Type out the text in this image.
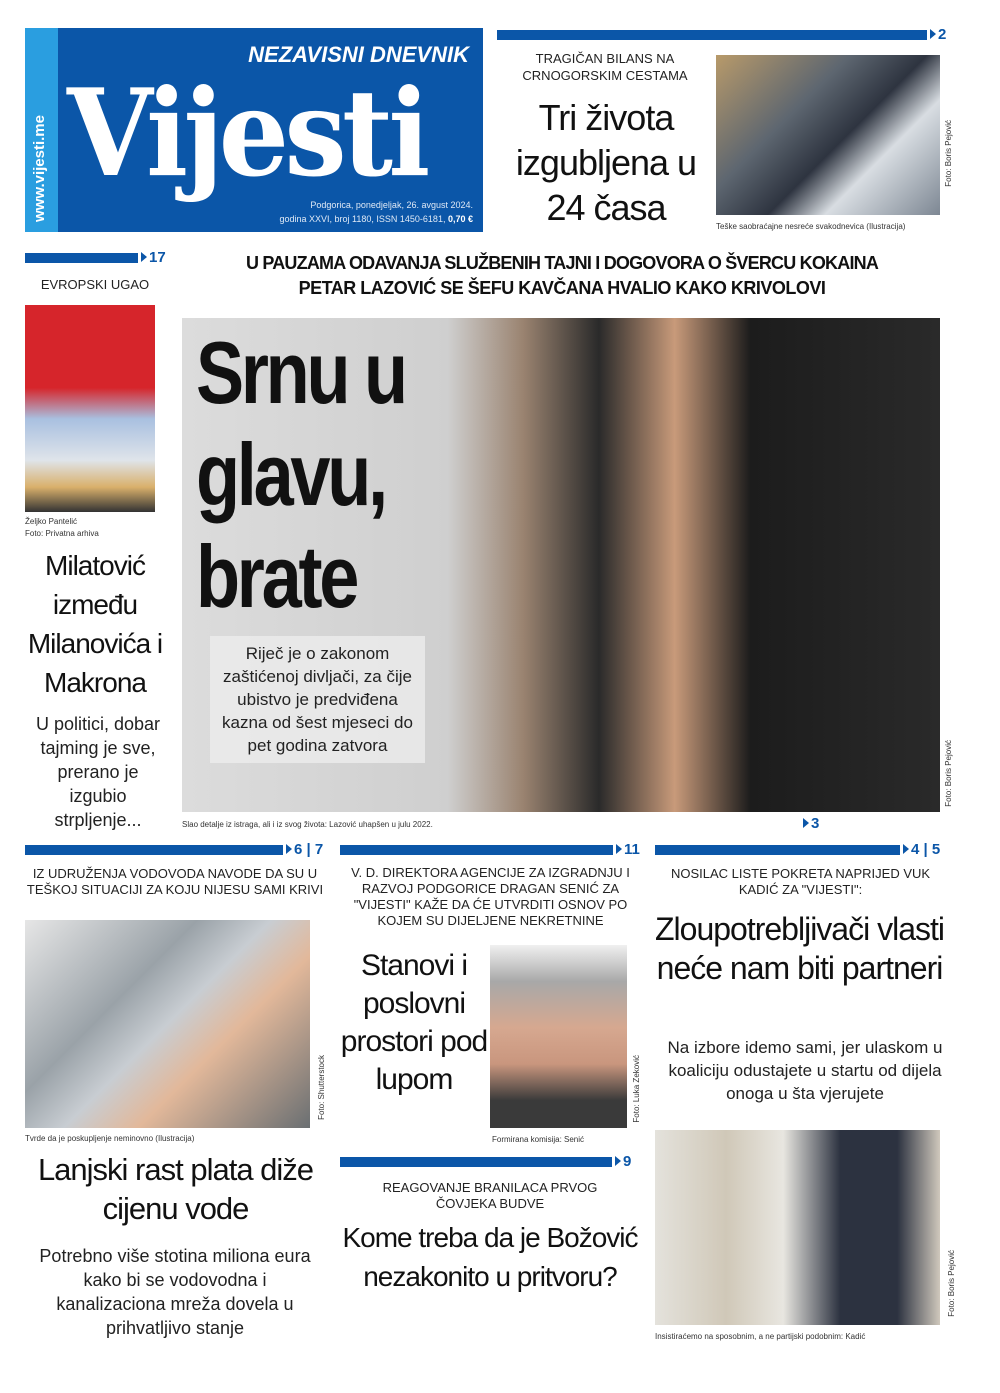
www.vijesti.me
NEZAVISNI DNEVNIK
Vijesti
Podgorica, ponedjeljak, 26. avgust 2024.
godina XXVI, broj 1180, ISSN 1450-6181, 0,70 €
2
TRAGIČAN BILANS NA CRNOGORSKIM CESTAMA
Tri života izgubljena u 24 časa	Teške saobraćajne nesreće svakodnevica (Ilustracija)
Foto: Boris Pejović
17
EVROPSKI UGAO
Željko Pantelić
Foto: Privatna arhiva
Milatović između Milanovića i Makrona
U politici, dobar tajming je sve, prerano je izgubio strpljenje...
U PAUZAMA ODAVANJA SLUŽBENIH TAJNI I DOGOVORA O ŠVERCU KOKAINA
PETAR LAZOVIĆ SE ŠEFU KAVČANA HVALIO KAKO KRIVOLOVI
Srnu u glavu, brate
Riječ je o zakonom zaštićenoj divljači, za čije ubistvo je predviđena kazna od šest mjeseci do pet godina zatvora
Slao detalje iz istraga, ali i iz svog života: Lazović uhapšen u julu 2022.
Foto: Boris Pejović
3
6 | 7
IZ UDRUŽENJA VODOVODA NAVODE DA SU U TEŠKOJ SITUACIJI ZA KOJU NIJESU SAMI KRIVI
Tvrde da je poskupljenje neminovno (Ilustracija)
Foto: Shutterstock
Lanjski rast plata diže cijenu vode
Potrebno više stotina miliona eura kako bi se vodovodna i kanalizaciona mreža dovela u prihvatljivo stanje
11
V. D. DIREKTORA AGENCIJE ZA IZGRADNJU I RAZVOJ PODGORICE DRAGAN SENIĆ ZA "VIJESTI" KAŽE DA ĆE UTVRDITI OSNOV PO KOJEM SU DIJELJENE NEKRETNINE
Stanovi i poslovni prostori pod lupom
Formirana komisija: Senić
Foto: Luka Zeković
9
REAGOVANJE BRANILACA PRVOG ČOVJEKA BUDVE
Kome treba da je Božović nezakonito u pritvoru?
4 | 5
NOSILAC LISTE POKRETA NAPRIJED VUK KADIĆ ZA "VIJESTI":
Zloupotrebljivači vlasti neće nam biti partneri
Na izbore idemo sami, jer ulaskom u koaliciju odustajete u startu od dijela onoga u šta vjerujete
Insistiraćemo na sposobnim, a ne partijski podobnim: Kadić
Foto: Boris Pejović
